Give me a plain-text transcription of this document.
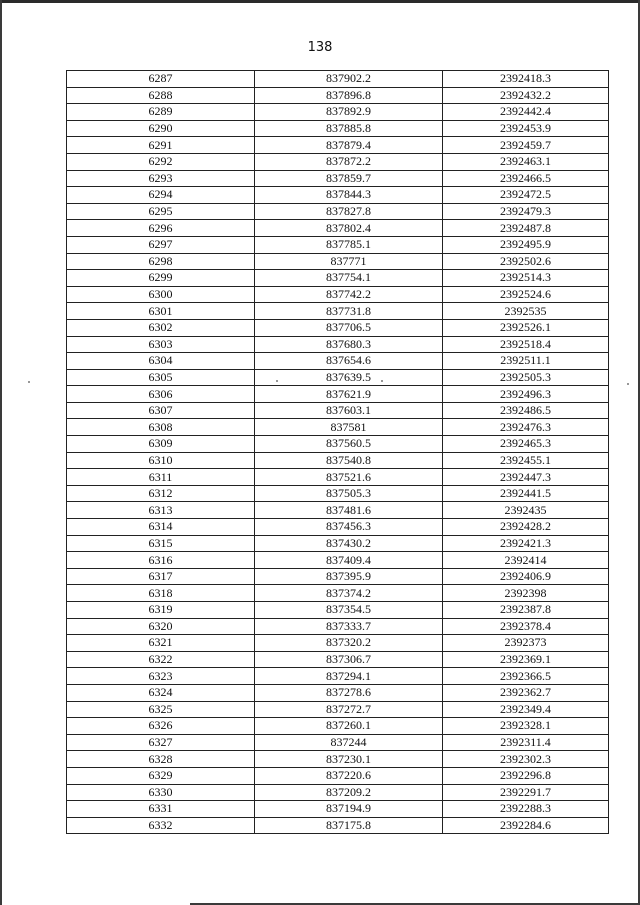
138
6287	837902.2	2392418.3
6288	837896.8	2392432.2
6289	837892.9	2392442.4
6290	837885.8	2392453.9
6291	837879.4	2392459.7
6292	837872.2	2392463.1
6293	837859.7	2392466.5
6294	837844.3	2392472.5
6295	837827.8	2392479.3
6296	837802.4	2392487.8
6297	837785.1	2392495.9
6298	837771	2392502.6
6299	837754.1	2392514.3
6300	837742.2	2392524.6
6301	837731.8	2392535
6302	837706.5	2392526.1
6303	837680.3	2392518.4
6304	837654.6	2392511.1
6305	837639.5	2392505.3
6306	837621.9	2392496.3
6307	837603.1	2392486.5
6308	837581	2392476.3
6309	837560.5	2392465.3
6310	837540.8	2392455.1
6311	837521.6	2392447.3
6312	837505.3	2392441.5
6313	837481.6	2392435
6314	837456.3	2392428.2
6315	837430.2	2392421.3
6316	837409.4	2392414
6317	837395.9	2392406.9
6318	837374.2	2392398
6319	837354.5	2392387.8
6320	837333.7	2392378.4
6321	837320.2	2392373
6322	837306.7	2392369.1
6323	837294.1	2392366.5
6324	837278.6	2392362.7
6325	837272.7	2392349.4
6326	837260.1	2392328.1
6327	837244	2392311.4
6328	837230.1	2392302.3
6329	837220.6	2392296.8
6330	837209.2	2392291.7
6331	837194.9	2392288.3
6332	837175.8	2392284.6
